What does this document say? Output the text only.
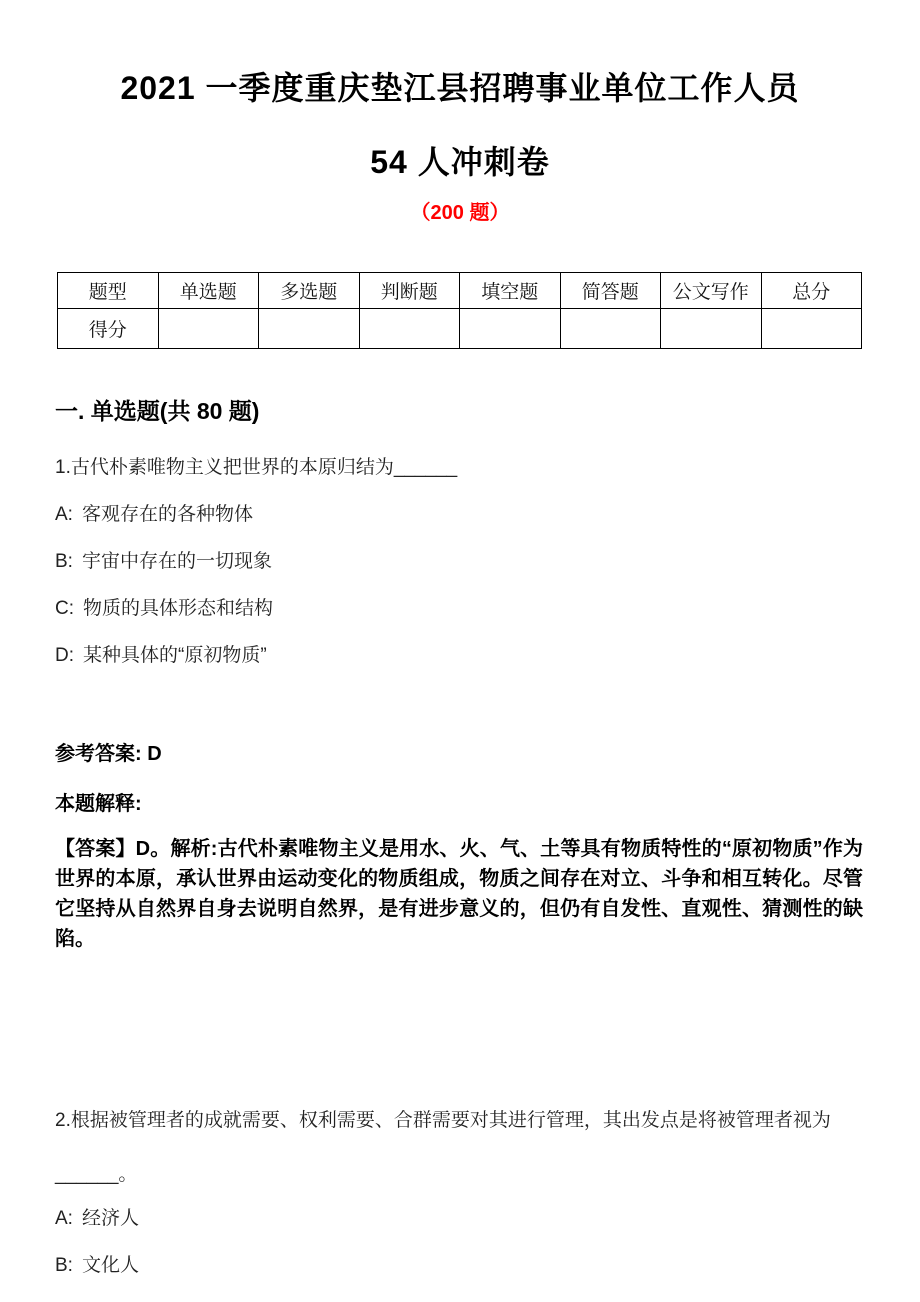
2021 一季度重庆垫江县招聘事业单位工作人员
54 人冲刺卷
（200 题）
题型	单选题	多选题	判断题	填空题	简答题	公文写作	总分
得分							
一. 单选题(共 80 题)
1.古代朴素唯物主义把世界的本原归结为______
A: 客观存在的各种物体
B: 宇宙中存在的一切现象
C: 物质的具体形态和结构
D: 某种具体的“原初物质”
参考答案: D
本题解释:
【答案】D。解析:古代朴素唯物主义是用水、火、气、土等具有物质特性的“原初物质”作为世界的本原，承认世界由运动变化的物质组成，物质之间存在对立、斗争和相互转化。尽管它坚持从自然界自身去说明自然界，是有进步意义的，但仍有自发性、直观性、猜测性的缺陷。
2.根据被管理者的成就需要、权利需要、合群需要对其进行管理，其出发点是将被管理者视为
______。
A: 经济人
B: 文化人
